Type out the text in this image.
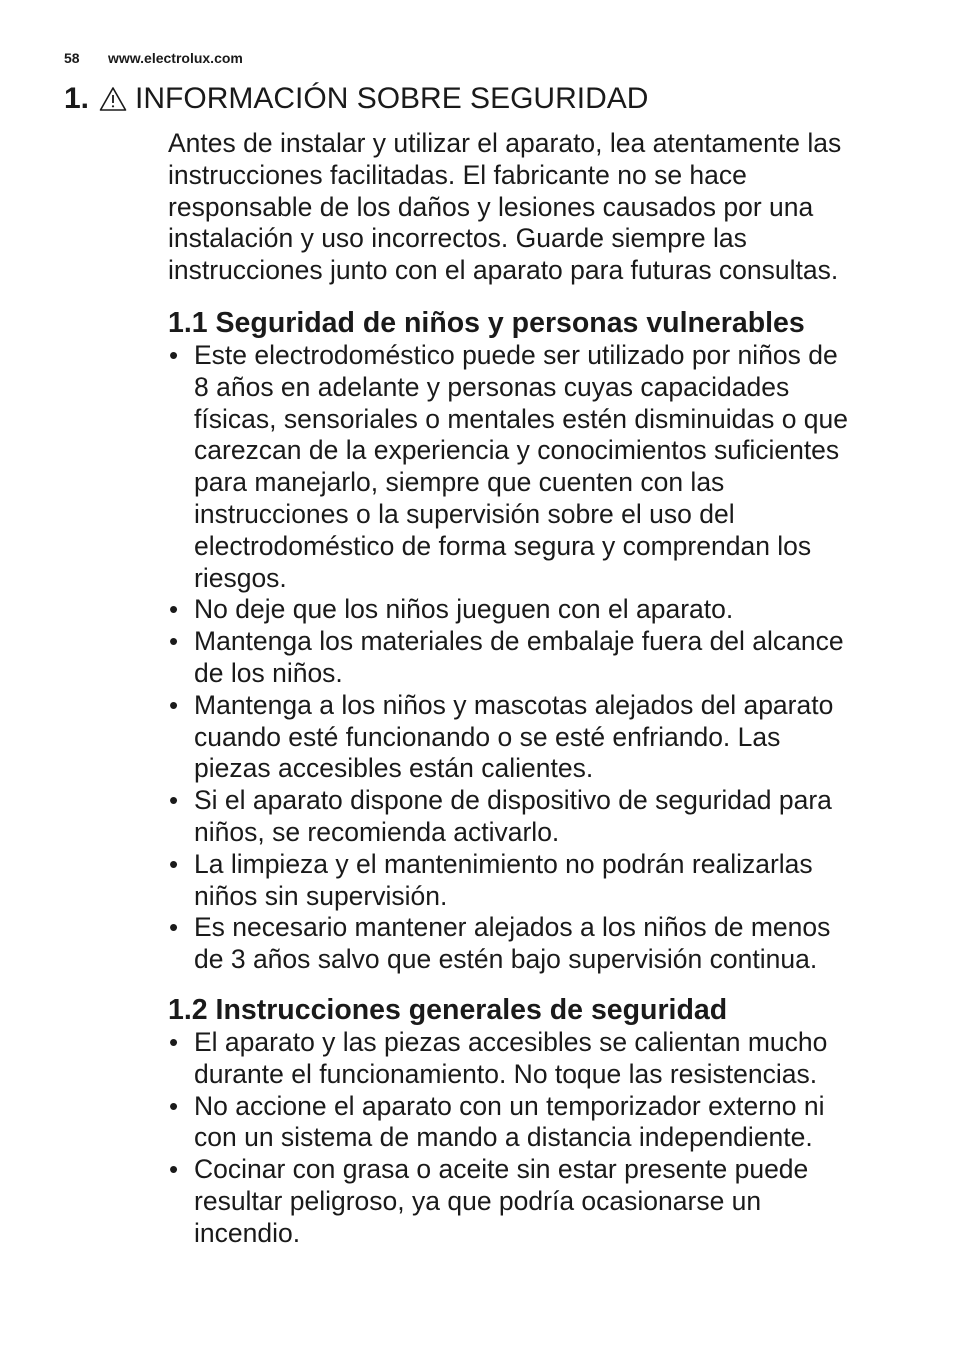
58 www.electrolux.com
1. INFORMACIÓN SOBRE SEGURIDAD

Antes de instalar y utilizar el aparato, lea atentamente las
instrucciones facilitadas. El fabricante no se hace
responsable de los daños y lesiones causados por una
instalación y uso incorrectos. Guarde siempre las
instrucciones junto con el aparato para futuras consultas.

1.1 Seguridad de niños y personas vulnerables
• Este electrodoméstico puede ser utilizado por niños de
8 años en adelante y personas cuyas capacidades
físicas, sensoriales o mentales estén disminuidas o que
carezcan de la experiencia y conocimientos suficientes
para manejarlo, siempre que cuenten con las
instrucciones o la supervisión sobre el uso del
electrodoméstico de forma segura y comprendan los
riesgos.
• No deje que los niños jueguen con el aparato.
• Mantenga los materiales de embalaje fuera del alcance
de los niños.
• Mantenga a los niños y mascotas alejados del aparato
cuando esté funcionando o se esté enfriando. Las
piezas accesibles están calientes.
• Si el aparato dispone de dispositivo de seguridad para
niños, se recomienda activarlo.
• La limpieza y el mantenimiento no podrán realizarlas
niños sin supervisión.
• Es necesario mantener alejados a los niños de menos
de 3 años salvo que estén bajo supervisión continua.
1.2 Instrucciones generales de seguridad
• El aparato y las piezas accesibles se calientan mucho
durante el funcionamiento. No toque las resistencias.
• No accione el aparato con un temporizador externo ni
con un sistema de mando a distancia independiente.
• Cocinar con grasa o aceite sin estar presente puede
resultar peligroso, ya que podría ocasionarse un
incendio.
